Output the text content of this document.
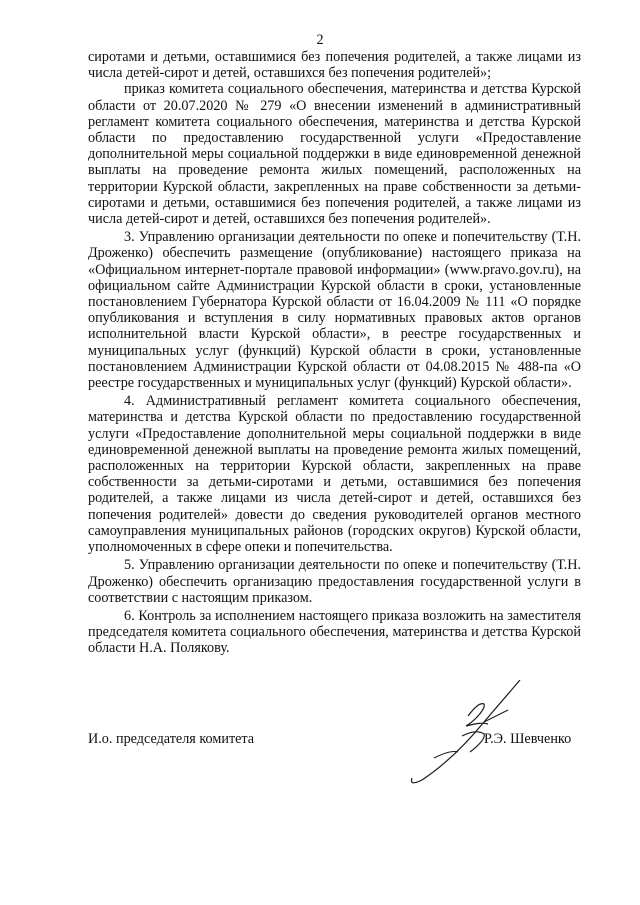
2

сиротами и детьми, оставшимися без попечения родителей, а также лицами из числа детей-сирот и детей, оставшихся без попечения родителей»;

приказ комитета социального обеспечения, материнства и детства Курской области от 20.07.2020 № 279 «О внесении изменений в административный регламент комитета социального обеспечения, материнства и детства Курской области по предоставлению государственной услуги «Предоставление дополнительной меры социальной поддержки в виде единовременной денежной выплаты на проведение ремонта жилых помещений, расположенных на территории Курской области, закрепленных на праве собственности за детьми-сиротами и детьми, оставшимися без попечения родителей, а также лицами из числа детей-сирот и детей, оставшихся без попечения родителей».

3. Управлению организации деятельности по опеке и попечительству (Т.Н. Дроженко) обеспечить размещение (опубликование) настоящего приказа на «Официальном интернет-портале правовой информации» (www.pravo.gov.ru), на официальном сайте Администрации Курской области в сроки, установленные постановлением Губернатора Курской области от 16.04.2009 № 111 «О порядке опубликования и вступления в силу нормативных правовых актов органов исполнительной власти Курской области», в реестре государственных и муниципальных услуг (функций) Курской области в сроки, установленные постановлением Администрации Курской области от 04.08.2015 № 488-па «О реестре государственных и муниципальных услуг (функций) Курской области».

4. Административный регламент комитета социального обеспечения, материнства и детства Курской области по предоставлению государственной услуги «Предоставление дополнительной меры социальной поддержки в виде единовременной денежной выплаты на проведение ремонта жилых помещений, расположенных на территории Курской области, закрепленных на праве собственности за детьми-сиротами и детьми, оставшимися без попечения родителей, а также лицами из числа детей-сирот и детей, оставшихся без попечения родителей» довести до сведения руководителей органов местного самоуправления муниципальных районов (городских округов) Курской области, уполномоченных в сфере опеки и попечительства.

5. Управлению организации деятельности по опеке и попечительству (Т.Н. Дроженко) обеспечить организацию предоставления государственной услуги в соответствии с настоящим приказом.

6. Контроль за исполнением настоящего приказа возложить на заместителя председателя комитета социального обеспечения, материнства и детства Курской области Н.А. Полякову.

И.о. председателя комитета	Р.Э. Шевченко
